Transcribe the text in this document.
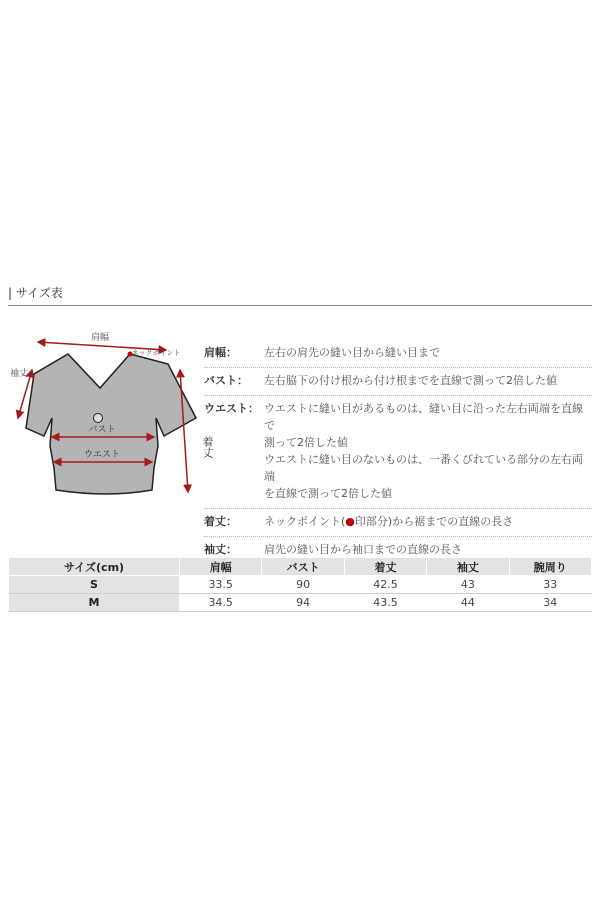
| サイズ表
肩幅
ネックポイント
袖丈
バスト
ウエスト
着丈
肩幅：	左右の肩先の縫い目から縫い目まで
バスト：	左右脇下の付け根から付け根までを直線で測って2倍した値
ウエスト： ウエストに縫い目があるものは、縫い目に沿った左右両端を直線で
測って2倍した値
ウエストに縫い目のないものは、一番くびれている部分の左右両端
を直線で測って2倍した値
着丈：	ネックポイント(●印部分)から裾までの直線の長さ
袖丈：	肩先の縫い目から袖口までの直線の長さ
サイズ(cm)	肩幅	バスト	着丈	袖丈	腕周り
S	33.5	90	42.5	43	33
M	34.5	94	43.5	44	34
